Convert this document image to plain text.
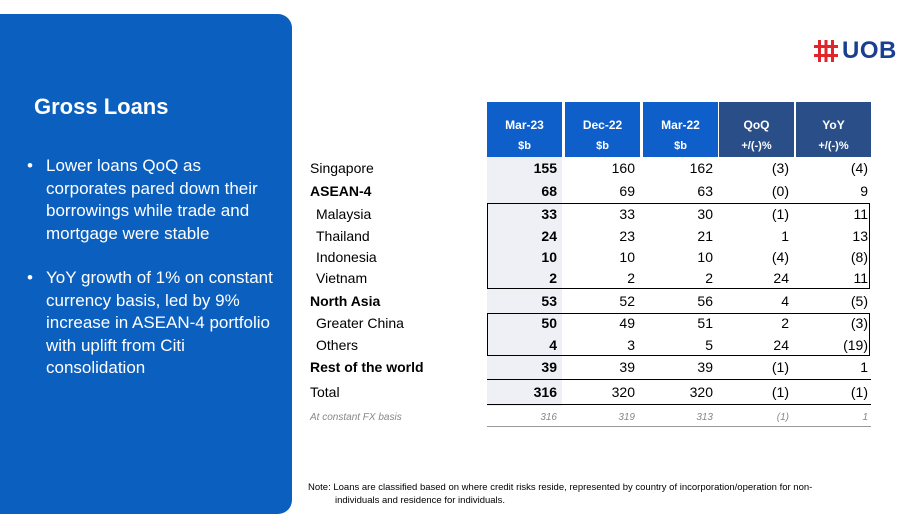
Gross Loans
• Lower loans QoQ as corporates pared down their borrowings while trade and mortgage were stable
• YoY growth of 1% on constant currency basis, led by 9% increase in ASEAN-4 portfolio with uplift from Citi consolidation
UOB
Mar-23
$b
Dec-22
$b
Mar-22
$b
QoQ
+/(-)%
YoY
+/(-)%
Singapore	155	160	162	(3)	(4)
ASEAN-4	68	69	63	(0)	9
Malaysia	33	33	30	(1)	11
Thailand	24	23	21	1	13
Indonesia	10	10	10	(4)	(8)
Vietnam	2	2	2	24	11
North Asia	53	52	56	4	(5)
Greater China	50	49	51	2	(3)
Others	4	3	5	24	(19)
Rest of the world	39	39	39	(1)	1
Total	316	320	320	(1)	(1)
At constant FX basis	316	319	313	(1)	1
Note: Loans are classified based on where credit risks reside, represented by country of incorporation/operation for non-
individuals and residence for individuals.
